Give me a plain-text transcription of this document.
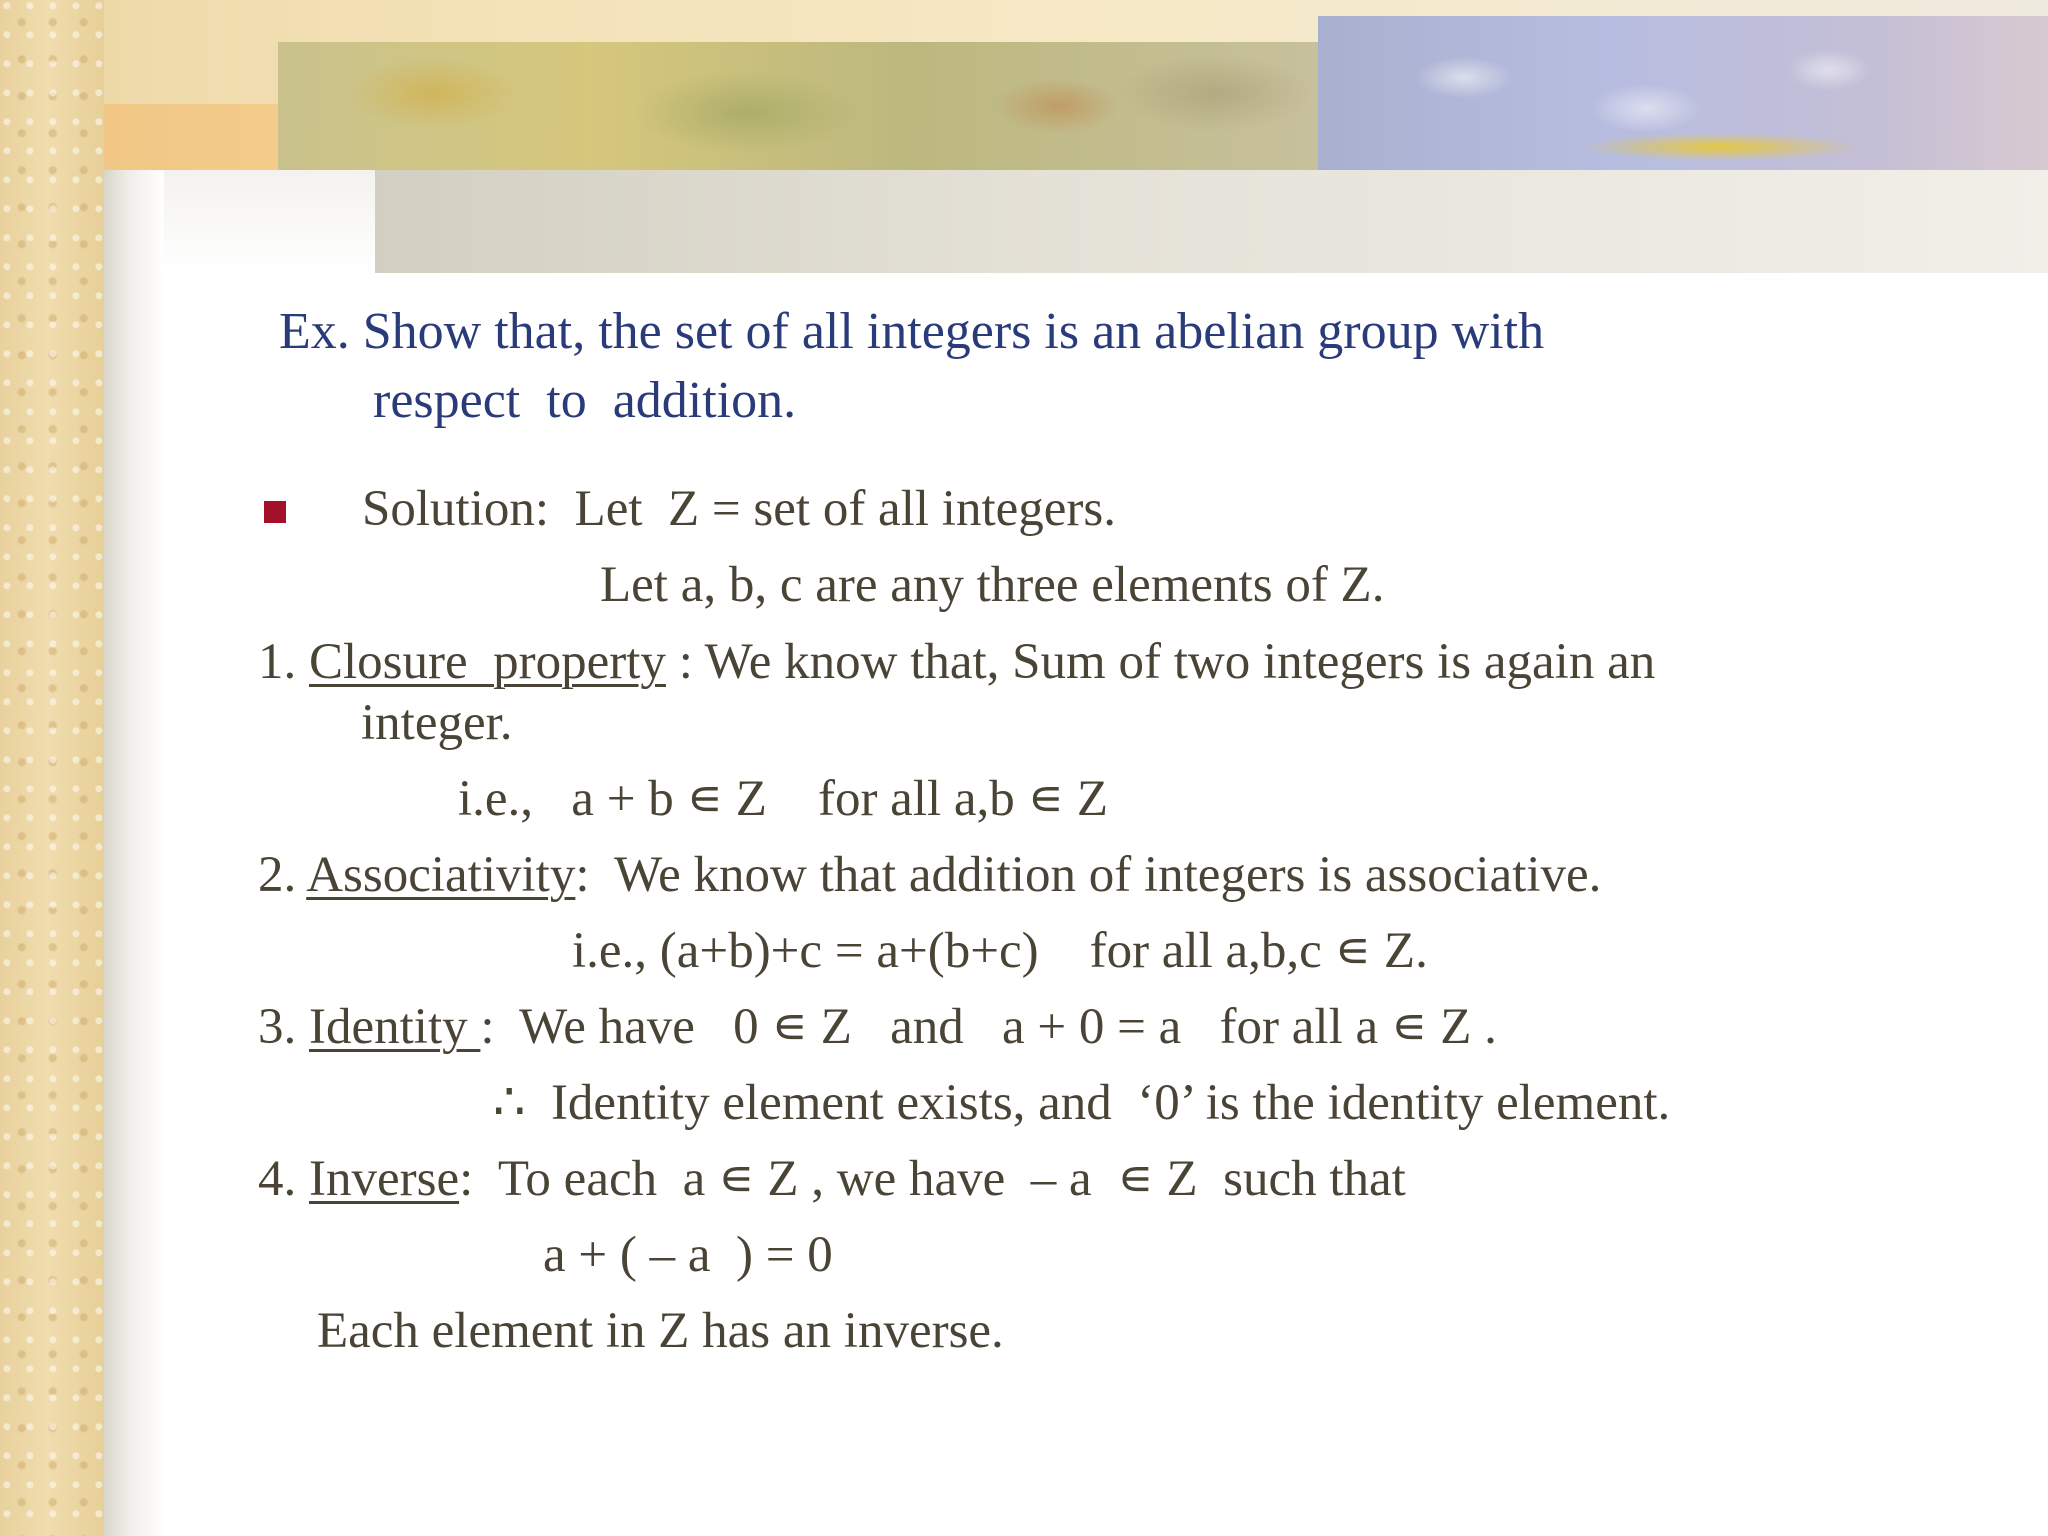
Ex. Show that, the set of all integers is an abelian group with
respect  to  addition.
Solution:  Let  Z = set of all integers.
Let a, b, c are any three elements of Z.
1. Closure  property : We know that, Sum of two integers is again an
integer.
i.e.,   a + b ∊ Z    for all a,b ∊ Z
2. Associativity:  We know that addition of integers is associative.
i.e., (a+b)+c = a+(b+c)    for all a,b,c ∊ Z.
3. Identity :  We have   0 ∊ Z   and   a + 0 = a   for all a ∊ Z .
∴  Identity element exists, and  ‘0’ is the identity element.
4. Inverse:  To each  a ∊ Z , we have  – a  ∊ Z  such that
a + ( – a  ) = 0
Each element in Z has an inverse.
